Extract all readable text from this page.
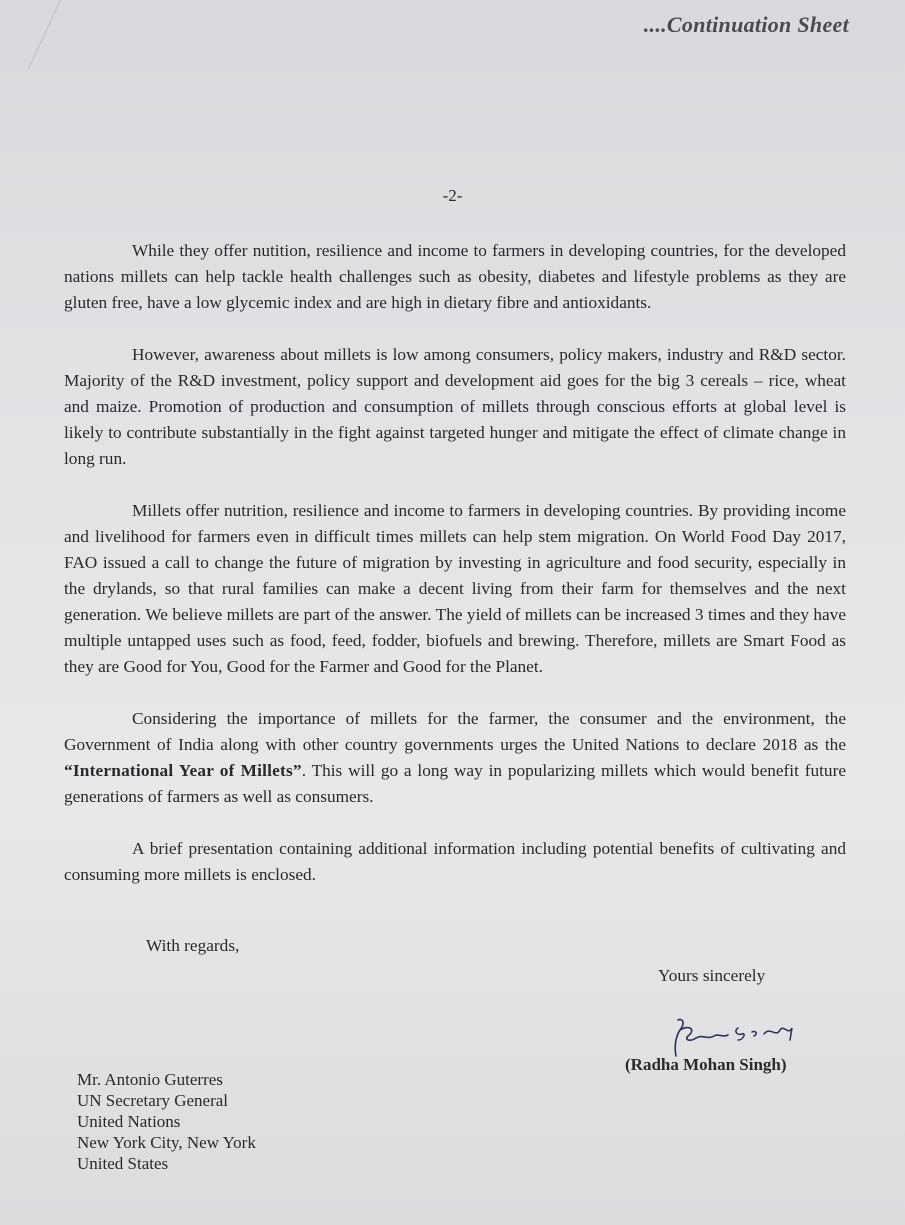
....Continuation Sheet
-2-

While they offer nutition, resilience and income to farmers in developing countries, for the developed nations millets can help tackle health challenges such as obesity, diabetes and lifestyle problems as they are gluten free, have a low glycemic index and are high in dietary fibre and antioxidants.

However, awareness about millets is low among consumers, policy makers, industry and R&D sector. Majority of the R&D investment, policy support and development aid goes for the big 3 cereals – rice, wheat and maize. Promotion of production and consumption of millets through conscious efforts at global level is likely to contribute substantially in the fight against targeted hunger and mitigate the effect of climate change in long run.

Millets offer nutrition, resilience and income to farmers in developing countries. By providing income and livelihood for farmers even in difficult times millets can help stem migration. On World Food Day 2017, FAO issued a call to change the future of migration by investing in agriculture and food security, especially in the drylands, so that rural families can make a decent living from their farm for themselves and the next generation. We believe millets are part of the answer. The yield of millets can be increased 3 times and they have multiple untapped uses such as food, feed, fodder, biofuels and brewing. Therefore, millets are Smart Food as they are Good for You, Good for the Farmer and Good for the Planet.

Considering the importance of millets for the farmer, the consumer and the environment, the Government of India along with other country governments urges the United Nations to declare 2018 as the “International Year of Millets”. This will go a long way in popularizing millets which would benefit future generations of farmers as well as consumers.

A brief presentation containing additional information including potential benefits of cultivating and consuming more millets is enclosed.

With regards,
Yours sincerely
(Radha Mohan Singh)
Mr. Antonio Guterres
UN Secretary General
United Nations
New York City, New York
United States
